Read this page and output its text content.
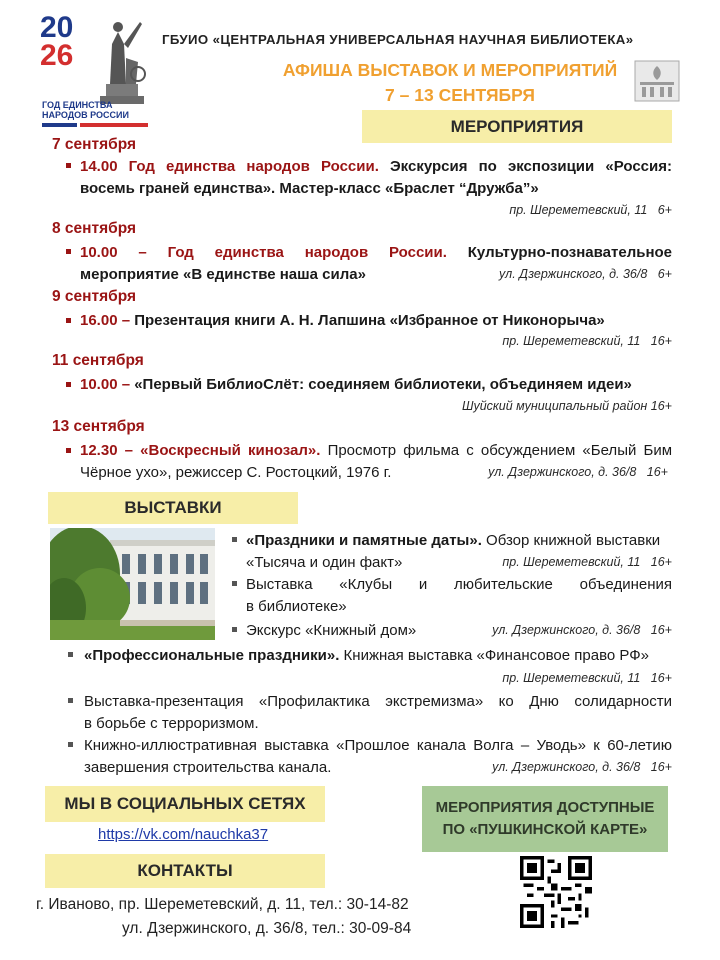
20
26
ГОД ЕДИНСТВА
НАРОДОВ РОССИИ
ГБУИО «ЦЕНТРАЛЬНАЯ УНИВЕРСАЛЬНАЯ НАУЧНАЯ БИБЛИОТЕКА»
АФИША ВЫСТАВОК И МЕРОПРИЯТИЙ
7 – 13 СЕНТЯБРЯ
МЕРОПРИЯТИЯ
7 сентября
14.00 Год единства народов России. Экскурсия по экспозиции «Россия:
восемь граней единства». Мастер-класс «Браслет “Дружба”»
пр. Шереметевский, 11 6+
8 сентября
10.00 – Год единства народов России. Культурно-познавательное
мероприятие «В единстве наша сила»	ул. Дзержинского, д. 36/8 6+
9 сентября
16.00 – Презентация книги А. Н. Лапшина «Избранное от Никонорыча»
пр. Шереметевский, 11 16+
11 сентября
10.00 – «Первый БиблиоСлёт: соединяем библиотеки, объединяем идеи»
Шуйский муниципальный район 16+
13 сентября
12.30 – «Воскресный кинозал». Просмотр фильма с обсуждением «Белый Бим
Чёрное ухо», режиссер С. Ростоцкий, 1976 г.	ул. Дзержинского, д. 36/8 16+
ВЫСТАВКИ
«Праздники и памятные даты». Обзор книжной выставки
«Тысяча и один факт»	пр. Шереметевский, 11 16+
Выставка «Клубы и любительские объединения
в библиотеке»
Экскурс «Книжный дом»	ул. Дзержинского, д. 36/8 16+
«Профессиональные праздники». Книжная выставка «Финансовое право РФ»
пр. Шереметевский, 11 16+
Выставка-презентация «Профилактика экстремизма» ко Дню солидарности
в борьбе с терроризмом.
Книжно-иллюстративная выставка «Прошлое канала Волга – Уводь» к 60-летию
завершения строительства канала.	ул. Дзержинского, д. 36/8 16+
МЫ В СОЦИАЛЬНЫХ СЕТЯХ
https://vk.com/nauchka37
МЕРОПРИЯТИЯ ДОСТУПНЫЕ
ПО «ПУШКИНСКОЙ КАРТЕ»
КОНТАКТЫ
г. Иваново, пр. Шереметевский, д. 11, тел.: 30-14-82
ул. Дзержинского, д. 36/8, тел.: 30-09-84
